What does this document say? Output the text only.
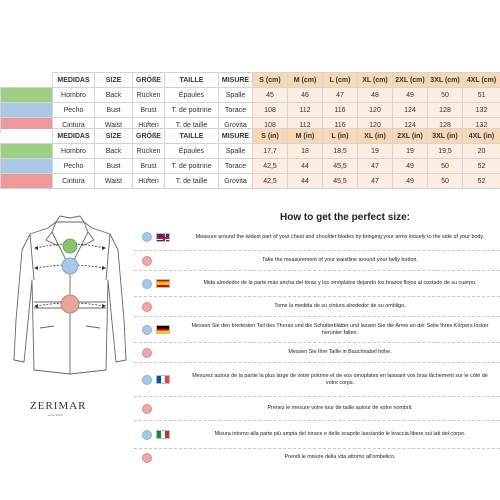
	MEDIDAS	SIZE	GRÖßE	TAILLE	MISURE	S (cm)	M (cm)	L (cm)	XL (cm)	2XL (cm)	3XL (cm)	4XL (cm)
	Hombro	Back	Rücken	Épaules	Spalle	45	46	47	48	49	50	51
	Pecho	Bust	Brust	T. de poitrine	Torace	108	112	116	120	124	128	132
	Cintura	Waist	Hüften	T. de taille	Grovita	108	112	116	120	124	128	132
	MEDIDAS	SIZE	GRÖßE	TAILLE	MISURE	S (in)	M (in)	L (in)	XL (in)	2XL (in)	3XL (in)	4XL (in)
	Hombro	Back	Rücken	Épaules	Spalle	17,7	18	18,5	19	19	19,5	20
	Pecho	Bust	Brust	T. de poitrine	Torace	42,5	44	45,5	47	49	50	52
	Cintura	Waist	Hüften	T. de taille	Grovita	42,5	44	45,5	47	49	50	52
ZERIMAR
since 1966
How to get the perfect size:
Measure around the widest part of your chest and shoulder blades by bringing your arms loosely to the side of your body.
Take the measurement of your waistline around your belly button.
Mida alrededor de la parte más ancha del tórax y los omóplatos dejando los brazos flojos al costado de su cuerpo.
Tome la medida de su cintura alrededor de su ombligo.
Messen Sie den breitesten Teil des Thorax und die Schulterblätter und lassen Sie die Arme an der Seite Ihres Körpers locker herunter fallen.
Messen Sie Ihre Taille in Bauchnabel höhe.
Mesurez autour de la partie la plus large de votre poitrine et de vos omoplates en laissant vos bras lâchement sur le côté de votre corps.
Prenez le mesure votre tour de taille autour de votre nombril.
Misura intorno alla parte più ampia del torace e delle scapole lasciando le braccia libere sui lati del corpo.
Prendi le misure della vita attorno all'ombelico.
